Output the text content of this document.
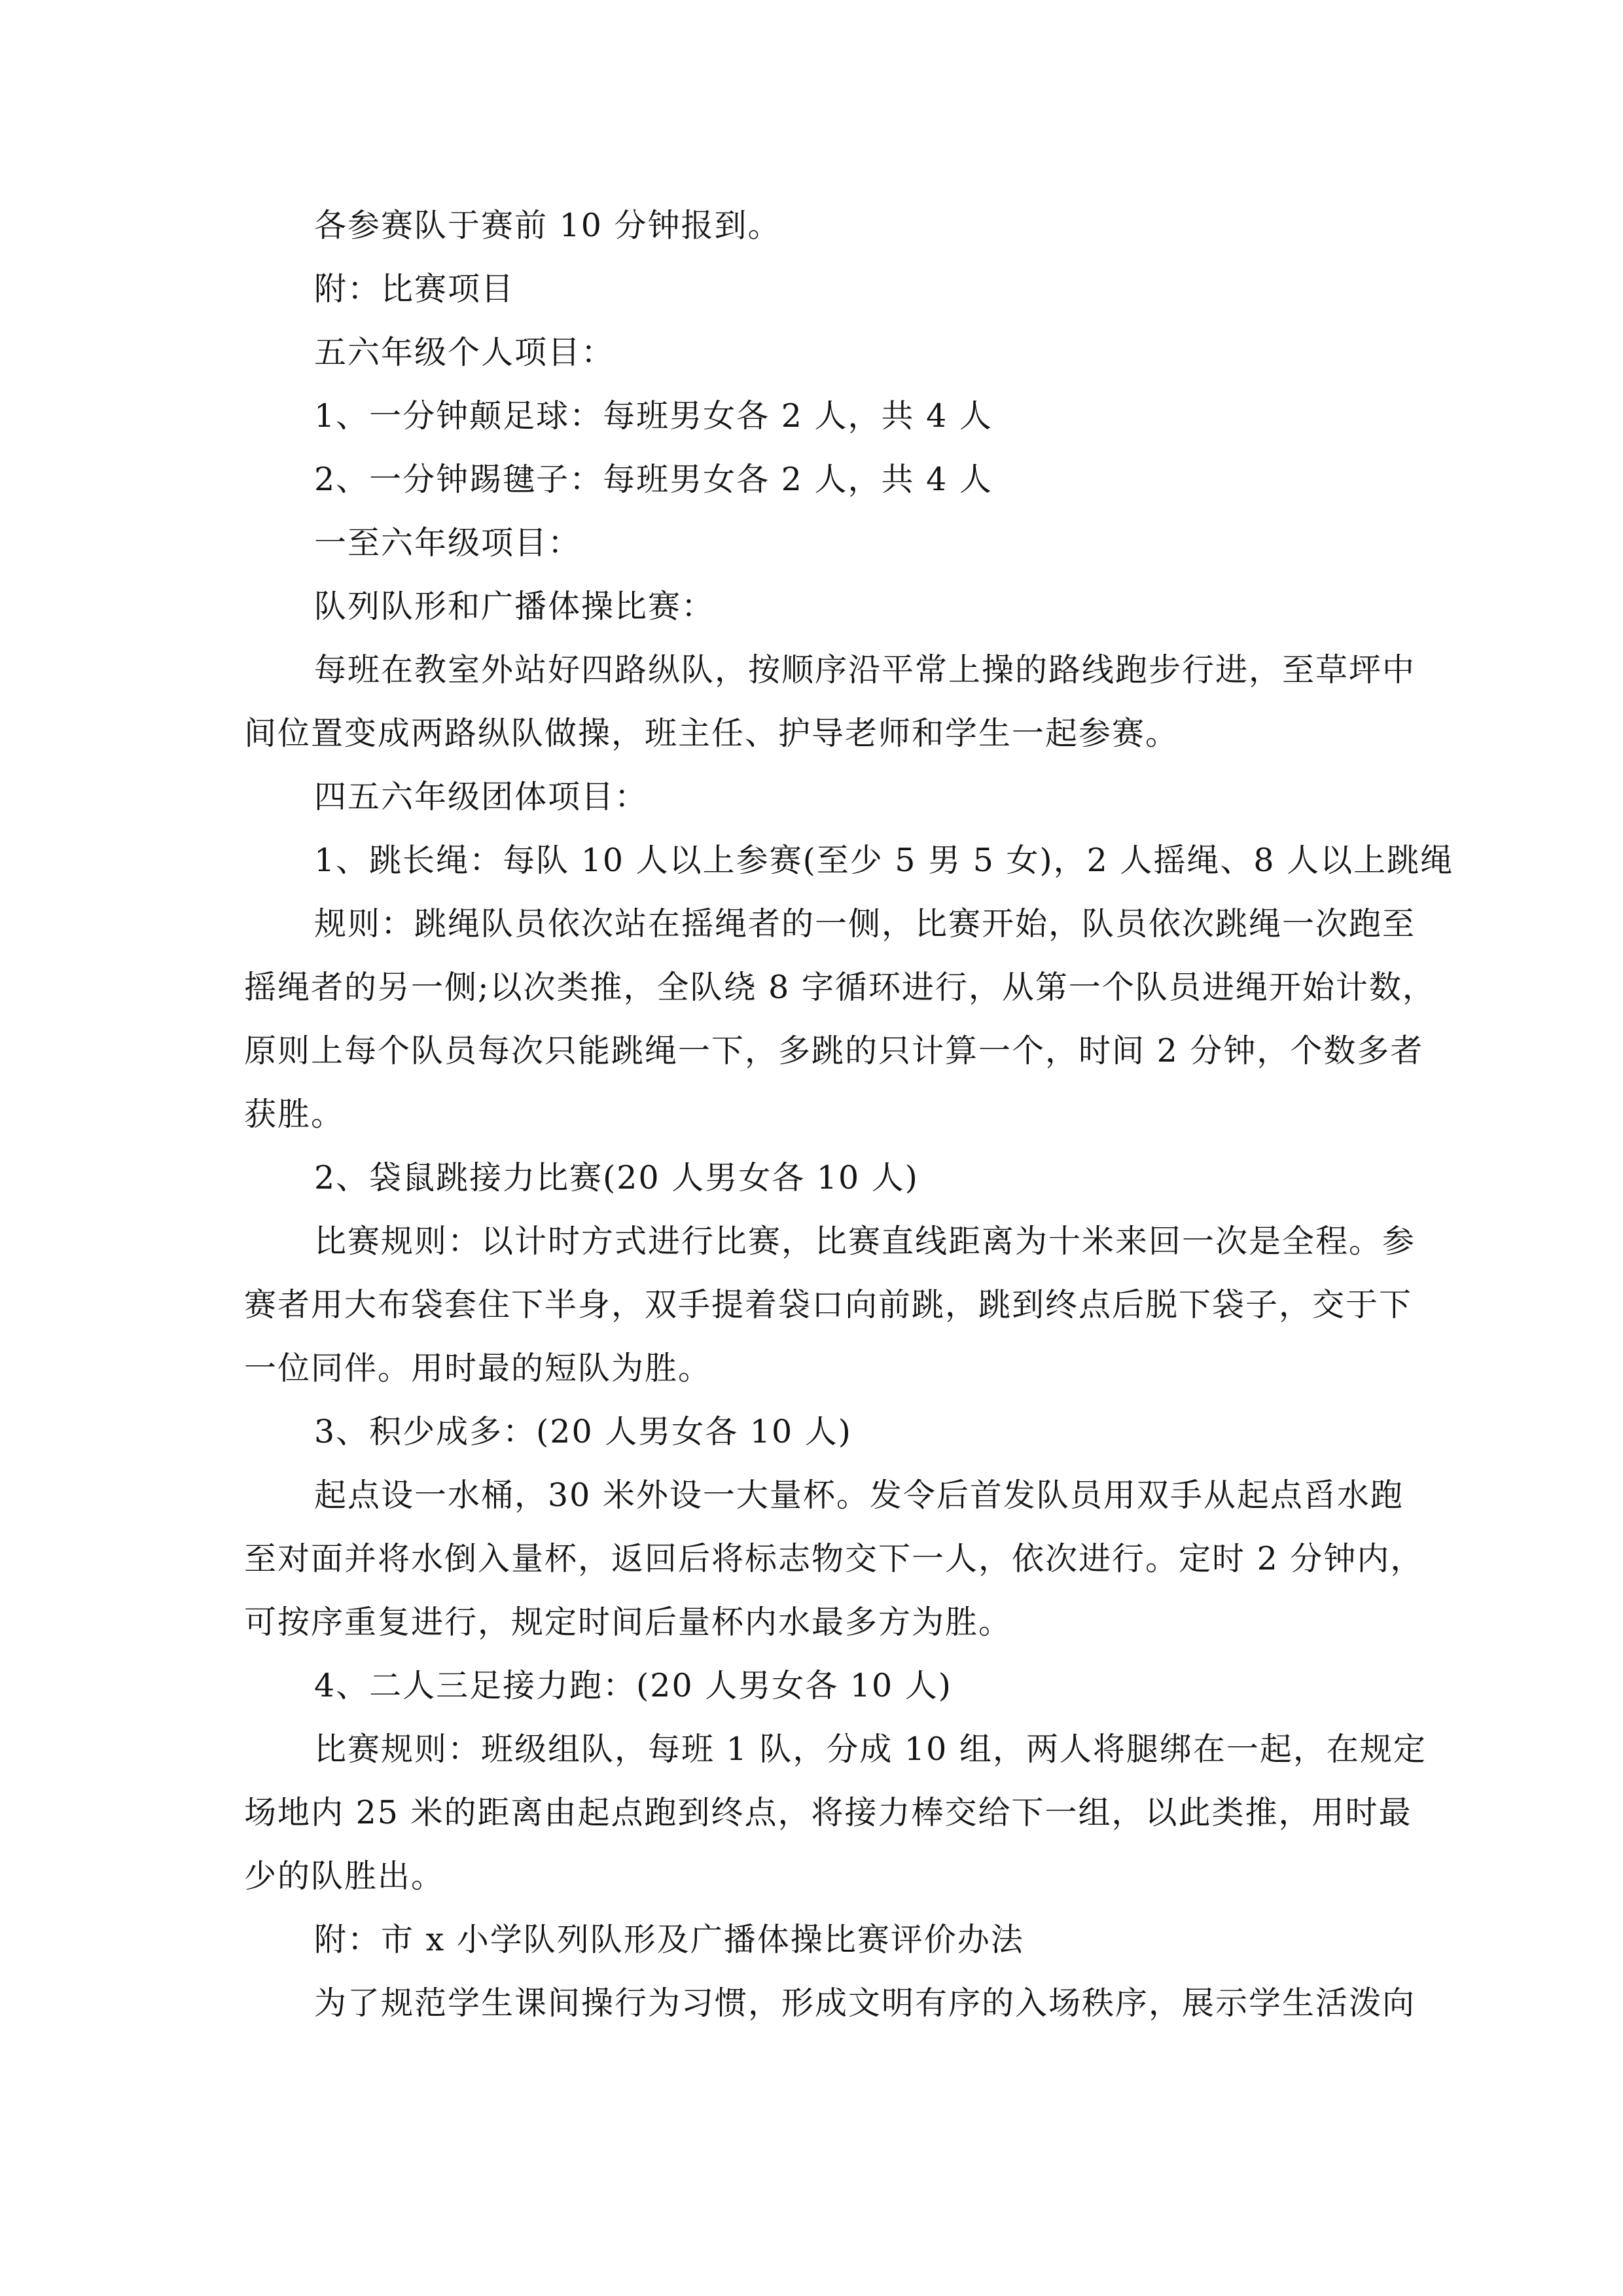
各参赛队于赛前 10 分钟报到。

附：比赛项目

五六年级个人项目：

1、一分钟颠足球：每班男女各 2 人，共 4 人

2、一分钟踢毽子：每班男女各 2 人，共 4 人

一至六年级项目：

队列队形和广播体操比赛：

每班在教室外站好四路纵队，按顺序沿平常上操的路线跑步行进，至草坪中
间位置变成两路纵队做操，班主任、护导老师和学生一起参赛。

四五六年级团体项目：

1、跳长绳：每队 10 人以上参赛(至少 5 男 5 女)，2 人摇绳、8 人以上跳绳

规则：跳绳队员依次站在摇绳者的一侧，比赛开始，队员依次跳绳一次跑至
摇绳者的另一侧;以次类推，全队绕 8 字循环进行，从第一个队员进绳开始计数，
原则上每个队员每次只能跳绳一下，多跳的只计算一个，时间 2 分钟，个数多者
获胜。

2、袋鼠跳接力比赛(20 人男女各 10 人)

比赛规则：以计时方式进行比赛，比赛直线距离为十米来回一次是全程。参
赛者用大布袋套住下半身，双手提着袋口向前跳，跳到终点后脱下袋子，交于下
一位同伴。用时最的短队为胜。

3、积少成多：(20 人男女各 10 人)

起点设一水桶，30 米外设一大量杯。发令后首发队员用双手从起点舀水跑
至对面并将水倒入量杯，返回后将标志物交下一人，依次进行。定时 2 分钟内，
可按序重复进行，规定时间后量杯内水最多方为胜。

4、二人三足接力跑：(20 人男女各 10 人)

比赛规则：班级组队，每班 1 队，分成 10 组，两人将腿绑在一起，在规定
场地内 25 米的距离由起点跑到终点，将接力棒交给下一组，以此类推，用时最
少的队胜出。

附：市 x 小学队列队形及广播体操比赛评价办法

为了规范学生课间操行为习惯，形成文明有序的入场秩序，展示学生活泼向
